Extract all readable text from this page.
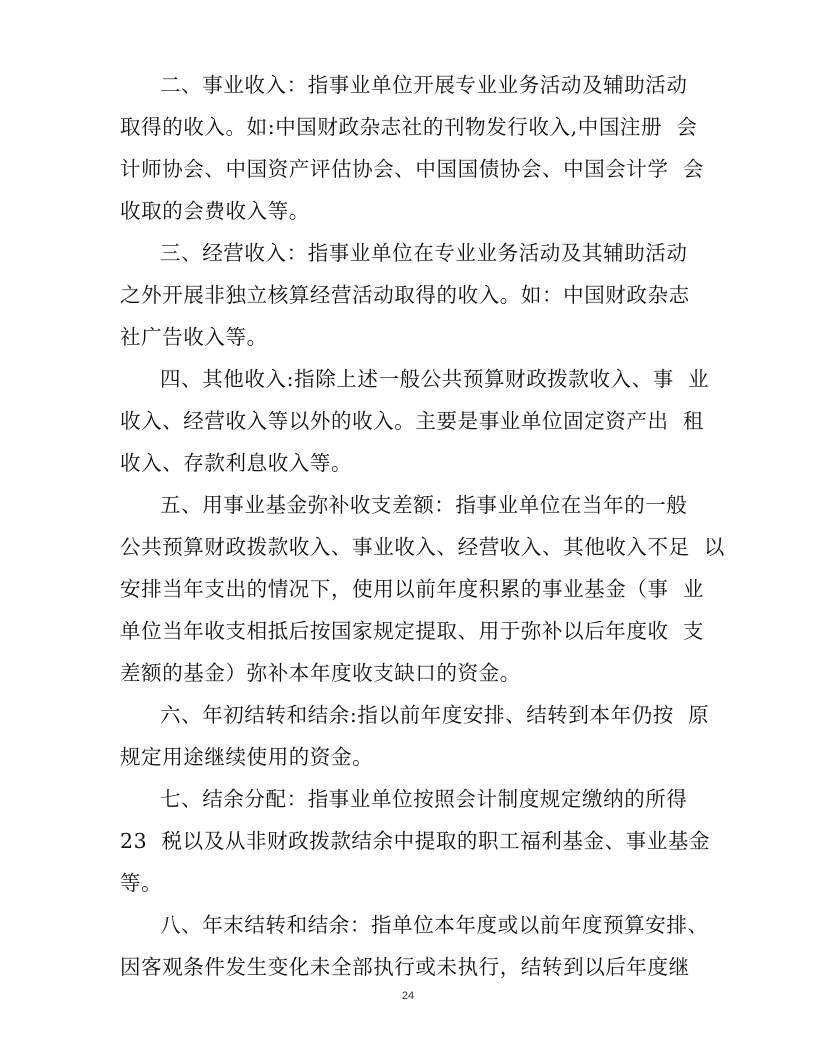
二、事业收入：指事业单位开展专业业务活动及辅助活动
取得的收入。如:中国财政杂志社的刊物发行收入,中国注册  会
计师协会、中国资产评估协会、中国国债协会、中国会计学  会
收取的会费收入等。
三、经营收入：指事业单位在专业业务活动及其辅助活动
之外开展非独立核算经营活动取得的收入。如：中国财政杂志
社广告收入等。
四、其他收入:指除上述一般公共预算财政拨款收入、事  业
收入、经营收入等以外的收入。主要是事业单位固定资产出  租
收入、存款利息收入等。
五、用事业基金弥补收支差额：指事业单位在当年的一般
公共预算财政拨款收入、事业收入、经营收入、其他收入不足  以
安排当年支出的情况下，使用以前年度积累的事业基金（事  业
单位当年收支相抵后按国家规定提取、用于弥补以后年度收  支
差额的基金）弥补本年度收支缺口的资金。
六、年初结转和结余:指以前年度安排、结转到本年仍按  原
规定用途继续使用的资金。
七、结余分配：指事业单位按照会计制度规定缴纳的所得
23  税以及从非财政拨款结余中提取的职工福利基金、事业基金
等。
八、年末结转和结余：指单位本年度或以前年度预算安排、
因客观条件发生变化未全部执行或未执行，结转到以后年度继
24
